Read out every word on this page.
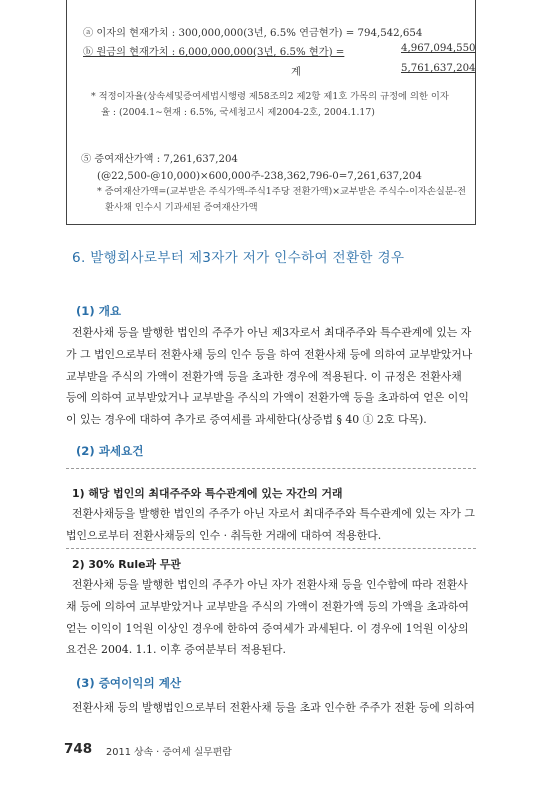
ⓐ 이자의 현재가치 : 300,000,000(3년, 6.5% 연금현가) = 794,542,654
ⓑ 원금의 현재가치 : 6,000,000,000(3년, 6.5% 현가) =	4,967,094,550
계	5,761,637,204
* 적정이자율(상속세및증여세법시행령 제58조의2 제2항 제1호 가목의 규정에 의한 이자
율 : (2004.1∼현재 : 6.5%, 국세청고시 제2004-2호, 2004.1.17)
⑤ 증여재산가액 : 7,261,637,204
(@22,500-@10,000)×600,000주-238,362,796-0=7,261,637,204
* 증여재산가액=(교부받은 주식가액-주식1주당 전환가액)×교부받은 주식수-이자손실분-전
환사채 인수시 기과세된 증여재산가액
6. 발행회사로부터 제3자가 저가 인수하여 전환한 경우
(1) 개요
전환사채 등을 발행한 법인의 주주가 아닌 제3자로서 최대주주와 특수관계에 있는 자
가 그 법인으로부터 전환사채 등의 인수 등을 하여 전환사채 등에 의하여 교부받았거나
교부받을 주식의 가액이 전환가액 등을 초과한 경우에 적용된다. 이 규정은 전환사채
등에 의하여 교부받았거나 교부받을 주식의 가액이 전환가액 등을 초과하여 얻은 이익
이 있는 경우에 대하여 추가로 증여세를 과세한다(상증법 § 40 ① 2호 다목).
(2) 과세요건
1) 해당 법인의 최대주주와 특수관계에 있는 자간의 거래
전환사채등을 발행한 법인의 주주가 아닌 자로서 최대주주와 특수관계에 있는 자가 그
법인으로부터 전환사채등의 인수 · 취득한 거래에 대하여 적용한다.
2) 30% Rule과 무관
전환사채 등을 발행한 법인의 주주가 아닌 자가 전환사채 등을 인수함에 따라 전환사
채 등에 의하여 교부받았거나 교부받을 주식의 가액이 전환가액 등의 가액을 초과하여
얻는 이익이 1억원 이상인 경우에 한하여 증여세가 과세된다. 이 경우에 1억원 이상의
요건은 2004. 1.1. 이후 증여분부터 적용된다.
(3) 증여이익의 계산
전환사채 등의 발행법인으로부터 전환사채 등을 초과 인수한 주주가 전환 등에 의하여
748 2011 상속 · 증여세 실무편람
